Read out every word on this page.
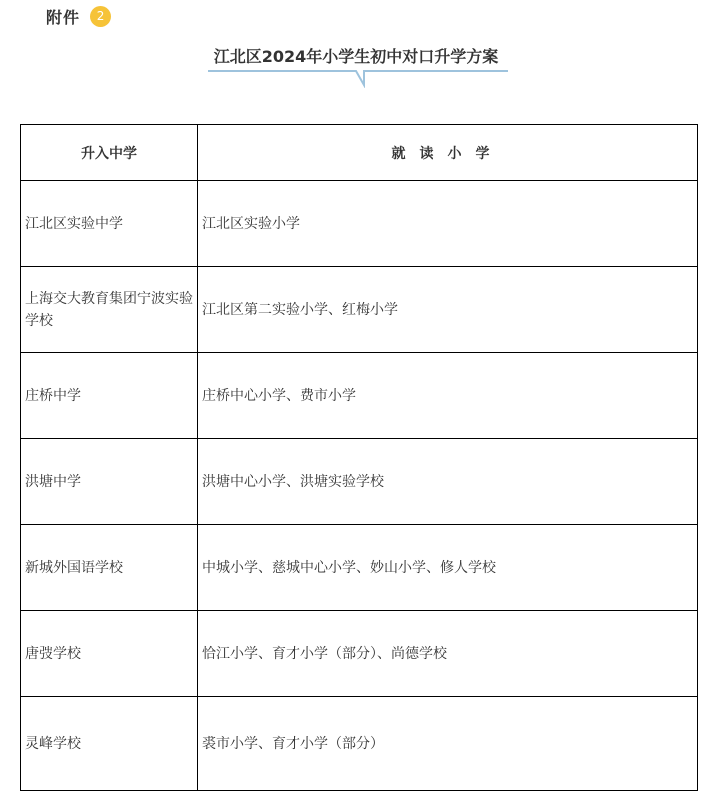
附件	2
江北区2024年小学生初中对口升学方案
升入中学	就读小学
江北区实验中学	江北区实验小学
上海交大教育集团宁波实验学校	江北区第二实验小学、红梅小学
庄桥中学	庄桥中心小学、费市小学
洪塘中学	洪塘中心小学、洪塘实验学校
新城外国语学校	中城小学、慈城中心小学、妙山小学、修人学校
唐弢学校	恰江小学、育才小学（部分）、尚德学校
灵峰学校	裘市小学、育才小学（部分）
